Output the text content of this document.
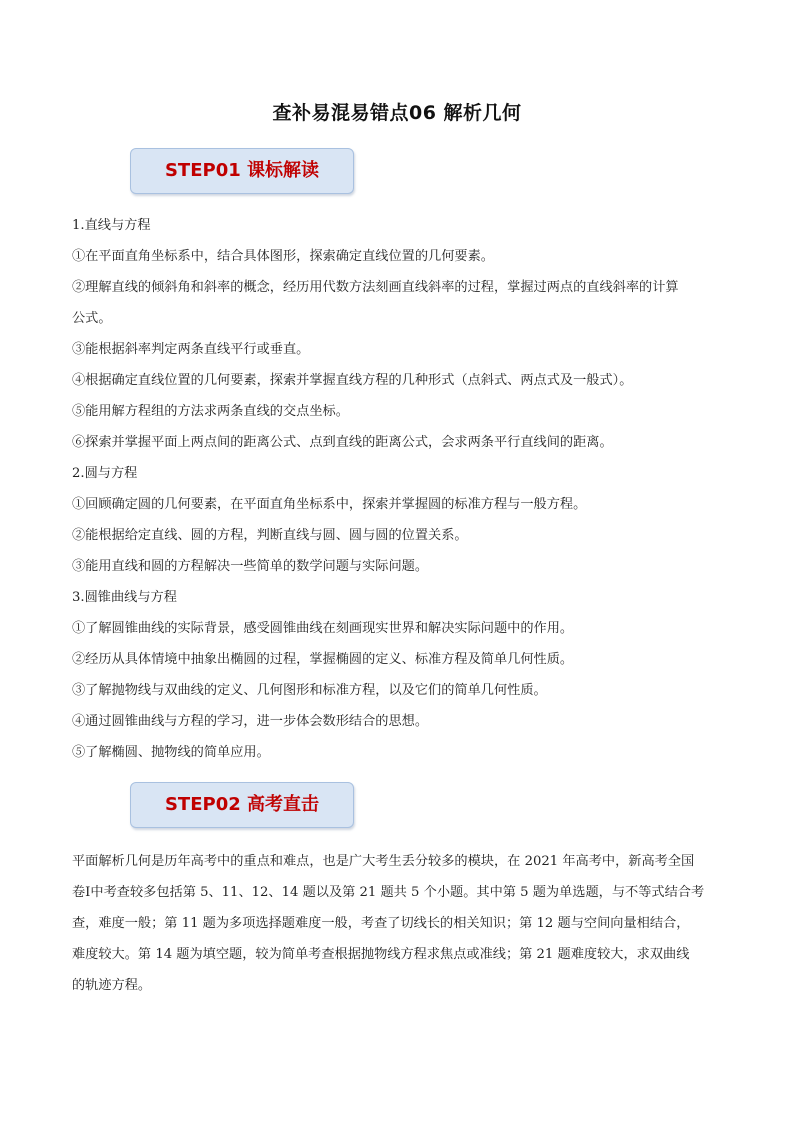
查补易混易错点06 解析几何
STEP01 课标解读
1.直线与方程
①在平面直角坐标系中，结合具体图形，探索确定直线位置的几何要素。
②理解直线的倾斜角和斜率的概念，经历用代数方法刻画直线斜率的过程，掌握过两点的直线斜率的计算
公式。
③能根据斜率判定两条直线平行或垂直。
④根据确定直线位置的几何要素，探索并掌握直线方程的几种形式（点斜式、两点式及一般式）。
⑤能用解方程组的方法求两条直线的交点坐标。
⑥探索并掌握平面上两点间的距离公式、点到直线的距离公式，会求两条平行直线间的距离。
2.圆与方程
①回顾确定圆的几何要素，在平面直角坐标系中，探索并掌握圆的标准方程与一般方程。
②能根据给定直线、圆的方程，判断直线与圆、圆与圆的位置关系。
③能用直线和圆的方程解决一些简单的数学问题与实际问题。
3.圆锥曲线与方程
①了解圆锥曲线的实际背景，感受圆锥曲线在刻画现实世界和解决实际问题中的作用。
②经历从具体情境中抽象出椭圆的过程，掌握椭圆的定义、标准方程及简单几何性质。
③了解抛物线与双曲线的定义、几何图形和标准方程，以及它们的简单几何性质。
④通过圆锥曲线与方程的学习，进一步体会数形结合的思想。
⑤了解椭圆、抛物线的简单应用。
STEP02 高考直击
平面解析几何是历年高考中的重点和难点，也是广大考生丢分较多的模块，在 2021 年高考中，新高考全国
卷Ⅰ中考查较多包括第 5、11、12、14 题以及第 21 题共 5 个小题。其中第 5 题为单选题，与不等式结合考
查，难度一般；第 11 题为多项选择题难度一般，考查了切线长的相关知识；第 12 题与空间向量相结合，
难度较大。第 14 题为填空题，较为简单考查根据抛物线方程求焦点或准线；第 21 题难度较大，求双曲线
的轨迹方程。
